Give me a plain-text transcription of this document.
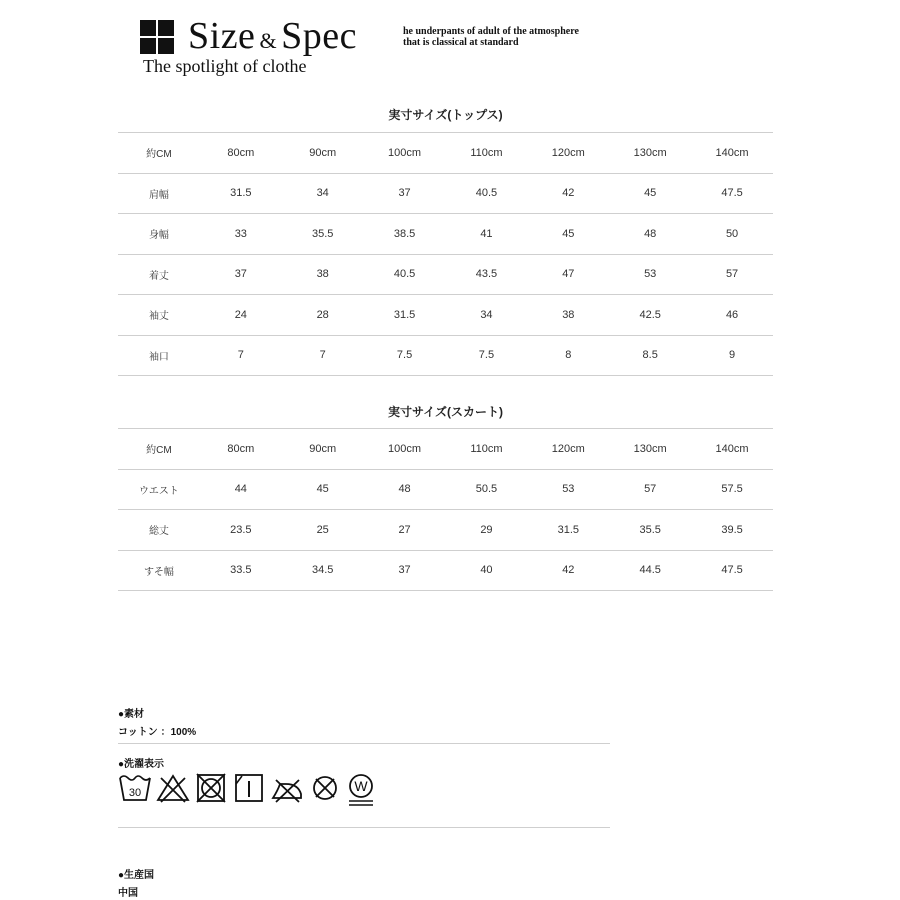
Size & Spec
The spotlight of clothe
he underpants of adult of the atmosphere
that is classical at standard
実寸サイズ(トップス)
約CM	80cm	90cm	100cm	110cm	120cm	130cm	140cm
肩幅	31.5	34	37	40.5	42	45	47.5
身幅	33	35.5	38.5	41	45	48	50
着丈	37	38	40.5	43.5	47	53	57
袖丈	24	28	31.5	34	38	42.5	46
袖口	7	7	7.5	7.5	8	8.5	9
実寸サイズ(スカート)
約CM	80cm	90cm	100cm	110cm	120cm	130cm	140cm
ウエスト	44	45	48	50.5	53	57	57.5
総丈	23.5	25	27	29	31.5	35.5	39.5
すそ幅	33.5	34.5	37	40	42	44.5	47.5
●素材
コットン ：100%
●洗濯表示
30	W
●生産国
中国
